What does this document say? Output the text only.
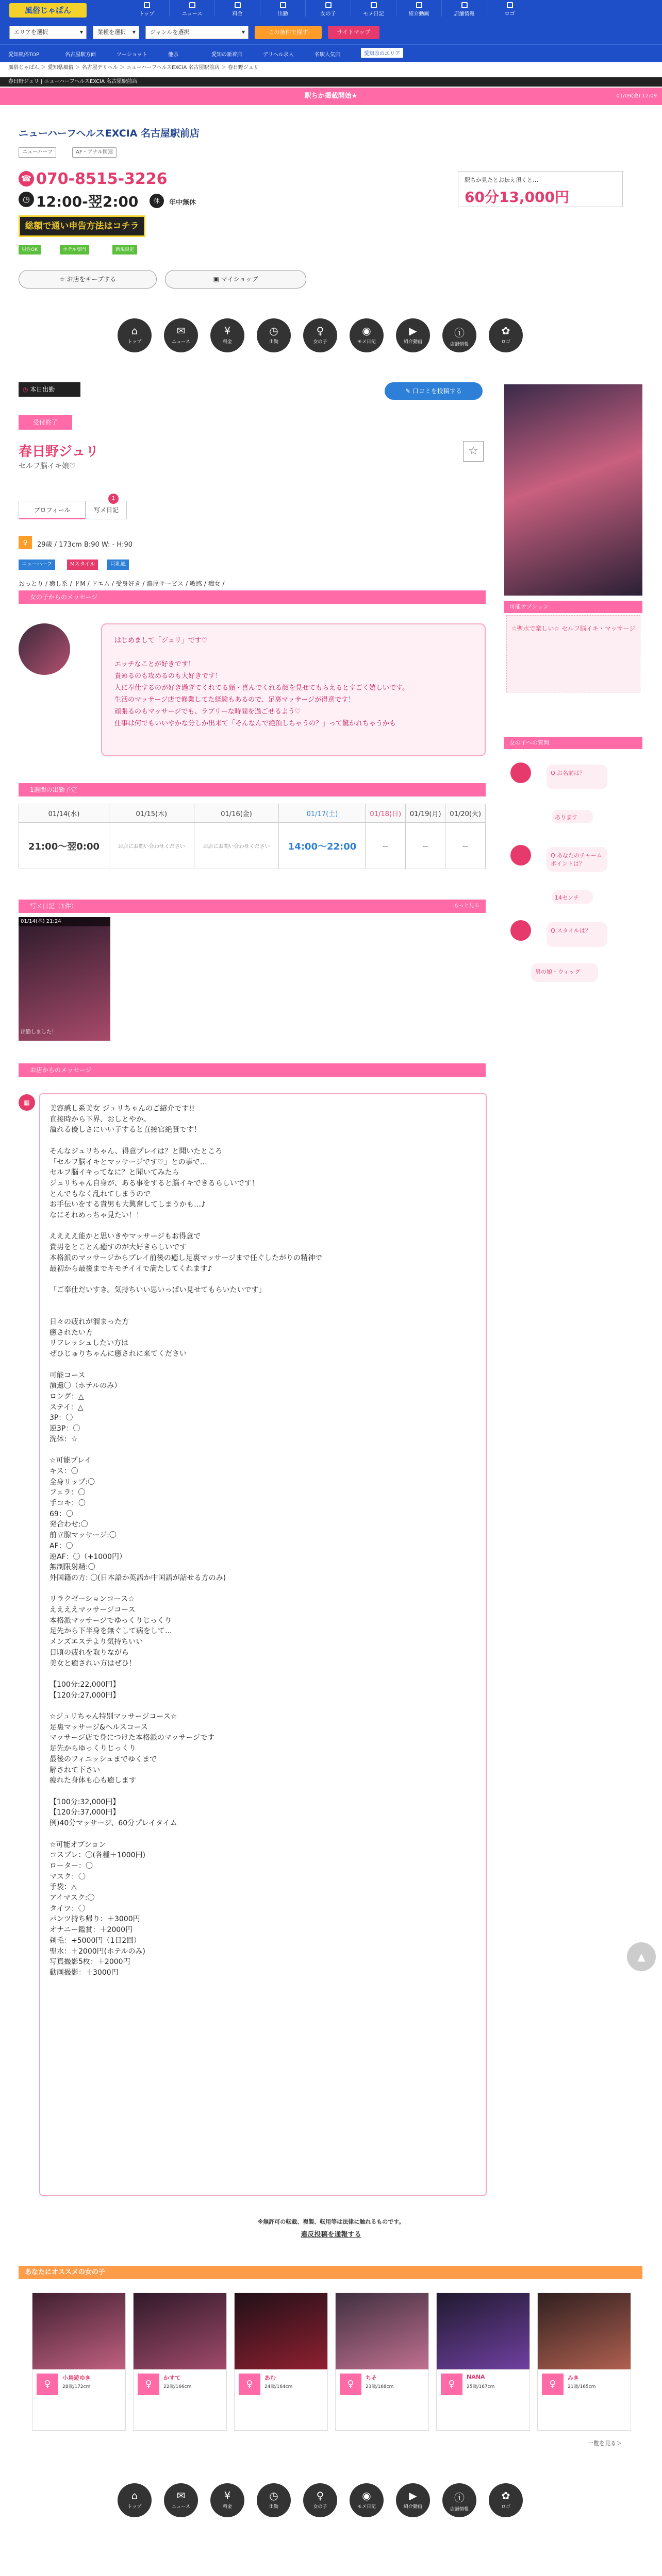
風俗じゃぱん	トップ	ニュース	料金	出勤	女の子	モメ日記	紹介動画	店舗情報	ロゴ
エリアを選択 ▼	業種を選択 ▼	ジャンルを選択 ▼	この条件で探す	サイトマップ
愛知風俗TOP	名古屋駅方面	ツーショット	他県	愛知の新着店	デリヘル求人	名駅人気店	愛知県のエリア
風俗じゃぱん ＞ 愛知県風俗 ＞ 名古屋デリヘル ＞ ニューハーフヘルスEXCIA 名古屋駅前店 ＞ 春日野ジュリ
春日野ジュリ | ニューハーフヘルスEXCIA 名古屋駅前店
駅ちか掲載開始★	01/09(金) 12:09
ニューハーフヘルスEXCIA 名古屋駅前店
ニューハーフ	AF・アナル関連
☎ 070-8515-3226
◷ 12:00-翌2:00	休	年中無休
総額で通い申告方法はコチラ
男性OK	ホテル専門	新規限定
☆ お店をキープする	▣ マイショップ
駅ちか見たとお伝え頂くと…
60分13,000円
⌂
トップ
✉
ニュース
¥
料金
◷
出勤
♀
女の子
◉
モメ日記
▶
紹介動画
ⓘ
店舗情報
✿
ロゴ
◷ 本日出勤	✎ 口コミを投稿する
受付終了
春日野ジュリ
セルフ脳イキ娘♡
☆
プロフィール	写メ日記
1
♀	29歳 / 173cm B:90 W: - H:90
ニューハーフ	Mスタイル	巨乳風
おっとり / 癒し系 / ドM / ドエム / 受身好き / 濃厚サービス / 敏感 / 痴女 /
女の子からのメッセージ
はじめまして「ジュリ」です♡

エッチなことが好きです！
責めるのも攻めるのも大好きです！
人に奉仕するのが好き過ぎてくれてる顔・喜んでくれる顔を見せてもらえるとすごく嬉しいです。
生活のマッサージ店で修業してた経験もあるので、足裏マッサージが得意です！
頑張るのもマッサージでも、ラブリーな時間を過ごせるよう♡
仕事は何でもいいやかな分しか出来て「そんなんで絶頂しちゃうの？」って驚かれちゃうかも
1週間の出勤予定
01/14(水)	01/15(木)	01/16(金)	01/17(土)	01/18(日)	01/19(月)	01/20(火)
21:00〜翌0:00	お店にお問い合わせください	お店にお問い合わせください	14:00〜22:00	ー	ー	ー
写メ日記（1件）	もっと見る
01/14(水) 21:24
出勤しました！
お店からのメッセージ
▦
美容感し系美女 ジュリちゃんのご紹介です!!
直接時から下界、おしとやか。
溢れる優しさにいい子すると直接官絶賛です！

そんなジュリちゃん、得意プレイは？と聞いたところ
「セルフ脳イキとマッサージです♡」との事で…
セルフ脳イキってなに？と聞いてみたら
ジュリちゃん自身が、ある事をすると脳イキできるらしいです！
とんでもなく乱れてしまうので
お手伝いをする貴男も大興奮してしまうかも…♪
なにそれめっちゃ見たい！！

ええええ能かと思いきやマッサージもお得意で
貴男をとことん癒すのが大好きらしいです
本格派のマッサージからプレイ前後の癒し足裏マッサージまで任ぐしたがりの精神で
最初から最後までキモチイイで満たしてくれます♪

「ご奉仕だいすき。気持ちいい思いっぱい見せてもらいたいです」

日々の疲れが溜まった方
癒されたい方
リフレッシュしたい方は
ぜひじゅりちゃんに癒されに来てください

可能コース
演還〇（ホテルのみ）
ロング：△
ステイ：△
3P：〇
逆3P：〇
洗体：☆

☆可能プレイ
キス：〇
全身リップ:〇
フェラ：〇
手コキ：〇
69：〇
発合わせ:〇
前立腺マッサージ:〇
AF：〇
逆AF：〇（+1000円）
無制限射精:〇
外国籍の方: 〇(日本語か英語か中国語が話せる方のみ)

リラクゼーションコース☆
ええええマッサージコース
本格派マッサージでゆっくりじっくり
足先から下半身を無ぐして病をして...
メンズエステより気持ちいい
日頃の疲れを取りながら
美女と癒されい方はぜひ！

【100分:22,000円】
【120分:27,000円】

☆ジュリちゃん特別マッサージコース☆
足裏マッサージ&ヘルスコース
マッサージ店で身につけた本格派のマッサージです
足先からゆっくりじっくり
最後のフィニッシュまでゆくまで
解されて下さい
疲れた身体も心も癒します

【100分:32,000円】
【120分:37,000円】
例)40分マッサージ、60分プレイタイム

☆可能オプション
コスプレ：〇(各種＋1000円)
ローター：〇
マスク：〇
手袋：△
アイマスク:〇
タイツ：〇
パンツ持ち帰り：＋3000円
オナニー鑑賞：＋2000円
剃毛：+5000円（1日2回）
聖水：＋2000円(ホテルのみ)
写真撮影5枚：＋2000円
動画撮影：＋3000円
可能オプション
☆聖水で楽しい☆ セルフ脳イキ・マッサージ
女の子への質問
Q.お名前は？
あります
Q.あなたのチャームポイントは？
14センチ
Q.スタイルは？
男の娘・ウィッグ
▲
※無許可の転載、複製、転用等は法律に触れるものです。
違反投稿を通報する
あなたにオススメの女の子
♀
小鳥遊ゆき
28歳/172cm	♀
かすて
22歳/166cm	♀
あむ
24歳/164cm	♀
ちそ
23歳/168cm	♀
NANA
25歳/167cm	♀
みき
21歳/165cm
一覧を見る＞
⌂
トップ
✉
ニュース
¥
料金
◷
出勤
♀
女の子
◉
モメ日記
▶
紹介動画
ⓘ
店舗情報
✿
ロゴ
